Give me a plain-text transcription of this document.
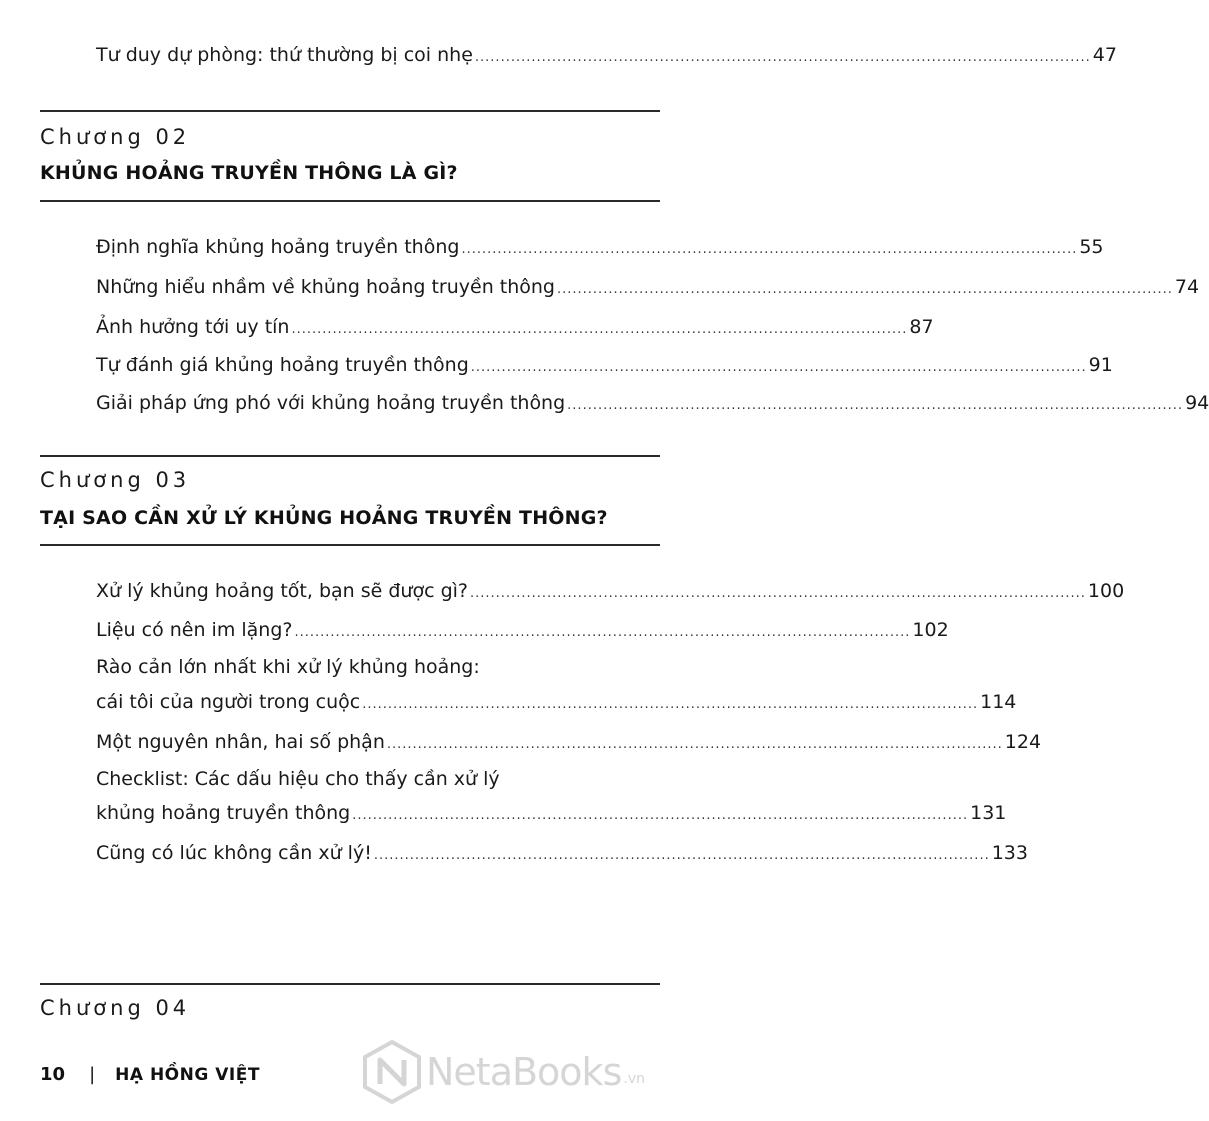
Tư duy dự phòng: thứ thường bị coi nhẹ ........................................................................................................................ 47
Chương 02
KHỦNG HOẢNG TRUYỀN THÔNG LÀ GÌ?
Định nghĩa khủng hoảng truyền thông ........................................................................................................................ 55
Những hiểu nhầm về khủng hoảng truyền thông ........................................................................................................................ 74
Ảnh hưởng tới uy tín ........................................................................................................................ 87
Tự đánh giá khủng hoảng truyền thông ........................................................................................................................ 91
Giải pháp ứng phó với khủng hoảng truyền thông ........................................................................................................................ 94
Chương 03
TẠI SAO CẦN XỬ LÝ KHỦNG HOẢNG TRUYỀN THÔNG?
Xử lý khủng hoảng tốt, bạn sẽ được gì? ........................................................................................................................ 100
Liệu có nên im lặng? ........................................................................................................................ 102
Rào cản lớn nhất khi xử lý khủng hoảng:
cái tôi của người trong cuộc ........................................................................................................................ 114
Một nguyên nhân, hai số phận ........................................................................................................................ 124
Checklist: Các dấu hiệu cho thấy cần xử lý
khủng hoảng truyền thông ........................................................................................................................ 131
Cũng có lúc không cần xử lý! ........................................................................................................................ 133
Chương 04
10 | HẠ HỒNG VIỆT	NetaBooks .vn
